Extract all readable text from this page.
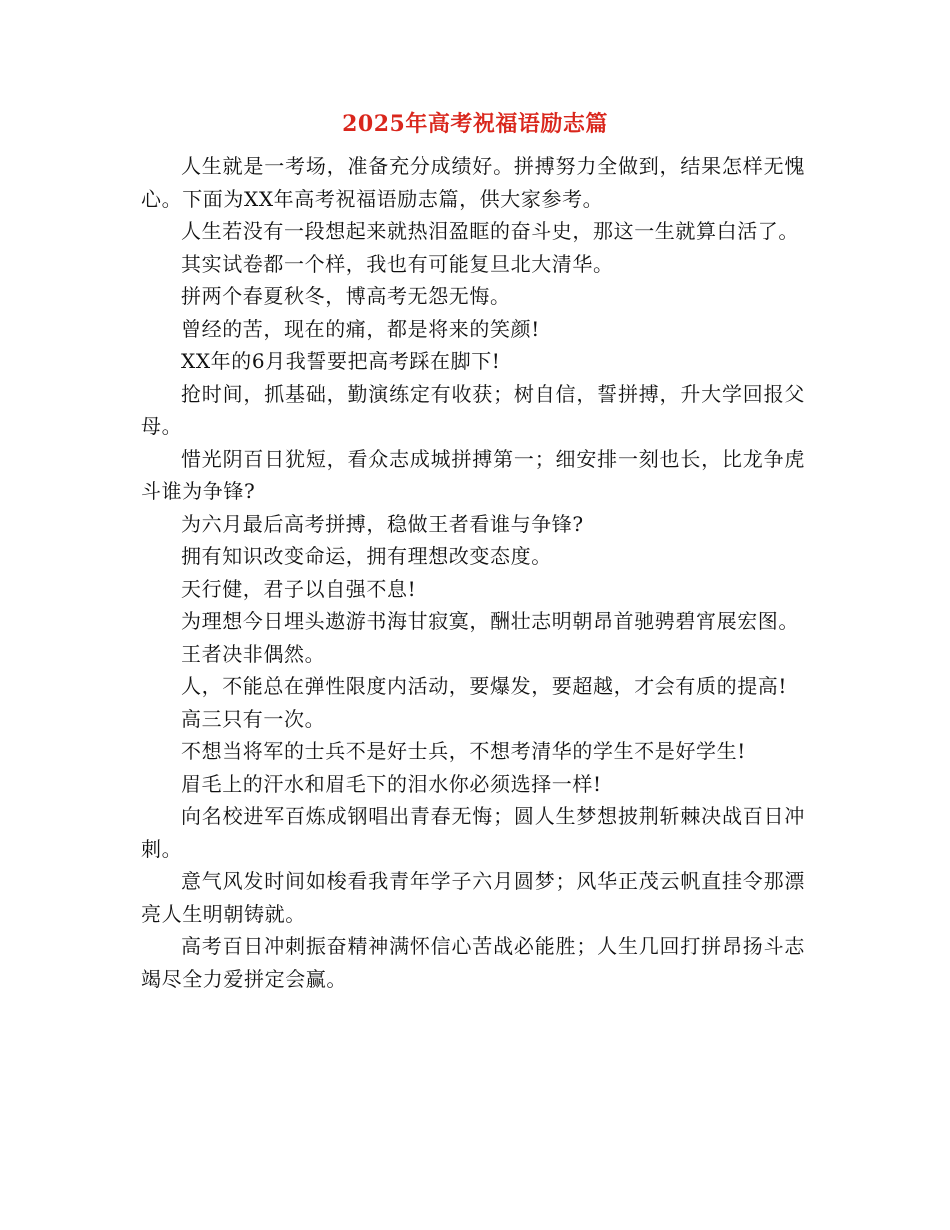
2025年高考祝福语励志篇

人生就是一考场，准备充分成绩好。拼搏努力全做到，结果怎样无愧心。下面为XX年高考祝福语励志篇，供大家参考。

人生若没有一段想起来就热泪盈眶的奋斗史，那这一生就算白活了。

其实试卷都一个样，我也有可能复旦北大清华。

拼两个春夏秋冬，博高考无怨无悔。

曾经的苦，现在的痛，都是将来的笑颜!

XX年的6月我誓要把高考踩在脚下!

抢时间，抓基础，勤演练定有收获；树自信，誓拼搏，升大学回报父母。

惜光阴百日犹短，看众志成城拼搏第一；细安排一刻也长，比龙争虎斗谁为争锋?

为六月最后高考拼搏，稳做王者看谁与争锋?

拥有知识改变命运，拥有理想改变态度。

天行健，君子以自强不息!

为理想今日埋头遨游书海甘寂寞，酬壮志明朝昂首驰骋碧宵展宏图。

王者决非偶然。

人，不能总在弹性限度内活动，要爆发，要超越，才会有质的提高!

高三只有一次。

不想当将军的士兵不是好士兵，不想考清华的学生不是好学生!

眉毛上的汗水和眉毛下的泪水你必须选择一样!

向名校进军百炼成钢唱出青春无悔；圆人生梦想披荆斩棘决战百日冲刺。

意气风发时间如梭看我青年学子六月圆梦；风华正茂云帆直挂令那漂亮人生明朝铸就。

高考百日冲刺振奋精神满怀信心苦战必能胜；人生几回打拼昂扬斗志竭尽全力爱拼定会赢。
